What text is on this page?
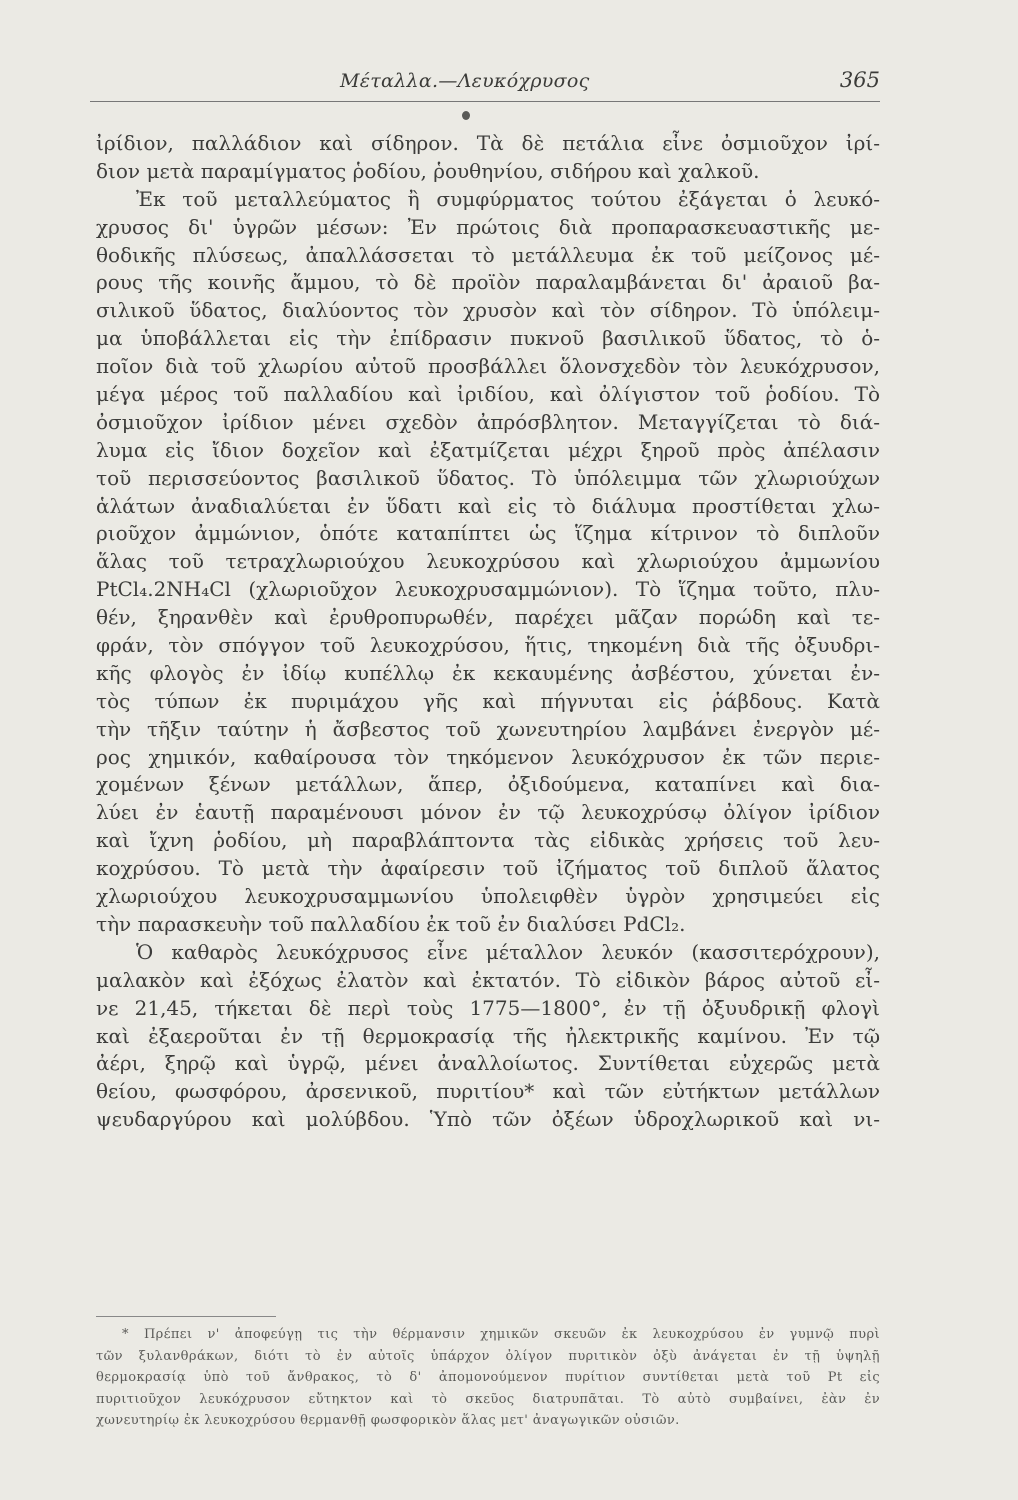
Μέταλλα.—Λευκόχρυσος	365
ἰρίδιον, παλλάδιον καὶ σίδηρον. Τὰ δὲ πετάλια εἶνε ὀσμιοῦχον ἰρί-
διον μετὰ παραμίγματος ῥοδίου, ῥουθηνίου, σιδήρου καὶ χαλκοῦ.
Ἐκ τοῦ μεταλλεύματος ἢ συμφύρματος τούτου ἐξάγεται ὁ λευκό-
χρυσος δι' ὑγρῶν μέσων: Ἐν πρώτοις διὰ προπαρασκευαστικῆς με-
θοδικῆς πλύσεως, ἀπαλλάσσεται τὸ μετάλλευμα ἐκ τοῦ μείζονος μέ-
ρους τῆς κοινῆς ἄμμου, τὸ δὲ προϊὸν παραλαμβάνεται δι' ἀραιοῦ βα-
σιλικοῦ ὕδατος, διαλύοντος τὸν χρυσὸν καὶ τὸν σίδηρον. Τὸ ὑπόλειμ-
μα ὑποβάλλεται εἰς τὴν ἐπίδρασιν πυκνοῦ βασιλικοῦ ὕδατος, τὸ ὁ-
ποῖον διὰ τοῦ χλωρίου αὐτοῦ προσβάλλει ὅλονσχεδὸν τὸν λευκόχρυσον,
μέγα μέρος τοῦ παλλαδίου καὶ ἰριδίου, καὶ ὀλίγιστον τοῦ ῥοδίου. Τὸ
ὀσμιοῦχον ἰρίδιον μένει σχεδὸν ἀπρόσβλητον. Μεταγγίζεται τὸ διά-
λυμα εἰς ἴδιον δοχεῖον καὶ ἐξατμίζεται μέχρι ξηροῦ πρὸς ἀπέλασιν
τοῦ περισσεύοντος βασιλικοῦ ὕδατος. Τὸ ὑπόλειμμα τῶν χλωριούχων
ἁλάτων ἀναδιαλύεται ἐν ὕδατι καὶ εἰς τὸ διάλυμα προστίθεται χλω-
ριοῦχον ἀμμώνιον, ὁπότε καταπίπτει ὡς ἵζημα κίτρινον τὸ διπλοῦν
ἅλας τοῦ τετραχλωριούχου λευκοχρύσου καὶ χλωριούχου ἀμμωνίου
PtCl₄.2NH₄Cl (χλωριοῦχον λευκοχρυσαμμώνιον). Τὸ ἵζημα τοῦτο, πλυ-
θέν, ξηρανθὲν καὶ ἐρυθροπυρωθέν, παρέχει μᾶζαν πορώδη καὶ τε-
φράν, τὸν σπόγγον τοῦ λευκοχρύσου, ἥτις, τηκομένη διὰ τῆς ὀξυυδρι-
κῆς φλογὸς ἐν ἰδίῳ κυπέλλῳ ἐκ κεκαυμένης ἀσβέστου, χύνεται ἐν-
τὸς τύπων ἐκ πυριμάχου γῆς καὶ πήγνυται εἰς ῥάβδους. Κατὰ
τὴν τῆξιν ταύτην ἡ ἄσβεστος τοῦ χωνευτηρίου λαμβάνει ἐνεργὸν μέ-
ρος χημικόν, καθαίρουσα τὸν τηκόμενον λευκόχρυσον ἐκ τῶν περιε-
χομένων ξένων μετάλλων, ἅπερ, ὀξιδούμενα, καταπίνει καὶ δια-
λύει ἐν ἑαυτῇ παραμένουσι μόνον ἐν τῷ λευκοχρύσῳ ὀλίγον ἰρίδιον
καὶ ἴχνη ῥοδίου, μὴ παραβλάπτοντα τὰς εἰδικὰς χρήσεις τοῦ λευ-
κοχρύσου. Τὸ μετὰ τὴν ἀφαίρεσιν τοῦ ἰζήματος τοῦ διπλοῦ ἅλατος
χλωριούχου λευκοχρυσαμμωνίου ὑπολειφθὲν ὑγρὸν χρησιμεύει εἰς
τὴν παρασκευὴν τοῦ παλλαδίου ἐκ τοῦ ἐν διαλύσει PdCl₂.
Ὁ καθαρὸς λευκόχρυσος εἶνε μέταλλον λευκόν (κασσιτερόχρουν),
μαλακὸν καὶ ἐξόχως ἐλατὸν καὶ ἐκτατόν. Τὸ εἰδικὸν βάρος αὐτοῦ εἶ-
νε 21,45, τήκεται δὲ περὶ τοὺς 1775—1800°, ἐν τῇ ὀξυυδρικῇ φλογὶ
καὶ ἐξαεροῦται ἐν τῇ θερμοκρασίᾳ τῆς ἠλεκτρικῆς καμίνου. Ἐν τῷ
ἀέρι, ξηρῷ καὶ ὑγρῷ, μένει ἀναλλοίωτος. Συντίθεται εὐχερῶς μετὰ
θείου, φωσφόρου, ἀρσενικοῦ, πυριτίου* καὶ τῶν εὐτήκτων μετάλλων
ψευδαργύρου καὶ μολύβδου. Ὑπὸ τῶν ὀξέων ὑδροχλωρικοῦ καὶ νι-
* Πρέπει ν' ἀποφεύγῃ τις τὴν θέρμανσιν χημικῶν σκευῶν ἐκ λευκοχρύσου ἐν γυμνῷ πυρὶ
τῶν ξυλανθράκων, διότι τὸ ἐν αὐτοῖς ὑπάρχον ὀλίγον πυριτικὸν ὀξὺ ἀνάγεται ἐν τῇ ὑψηλῇ
θερμοκρασίᾳ ὑπὸ τοῦ ἄνθρακος, τὸ δ' ἀπομονούμενον πυρίτιον συντίθεται μετὰ τοῦ Pt εἰς
πυριτιοῦχον λευκόχρυσον εὔτηκτον καὶ τὸ σκεῦος διατρυπᾶται. Τὸ αὐτὸ συμβαίνει, ἐὰν ἐν
χωνευτηρίῳ ἐκ λευκοχρύσου θερμανθῇ φωσφορικὸν ἅλας μετ' ἀναγωγικῶν οὐσιῶν.
